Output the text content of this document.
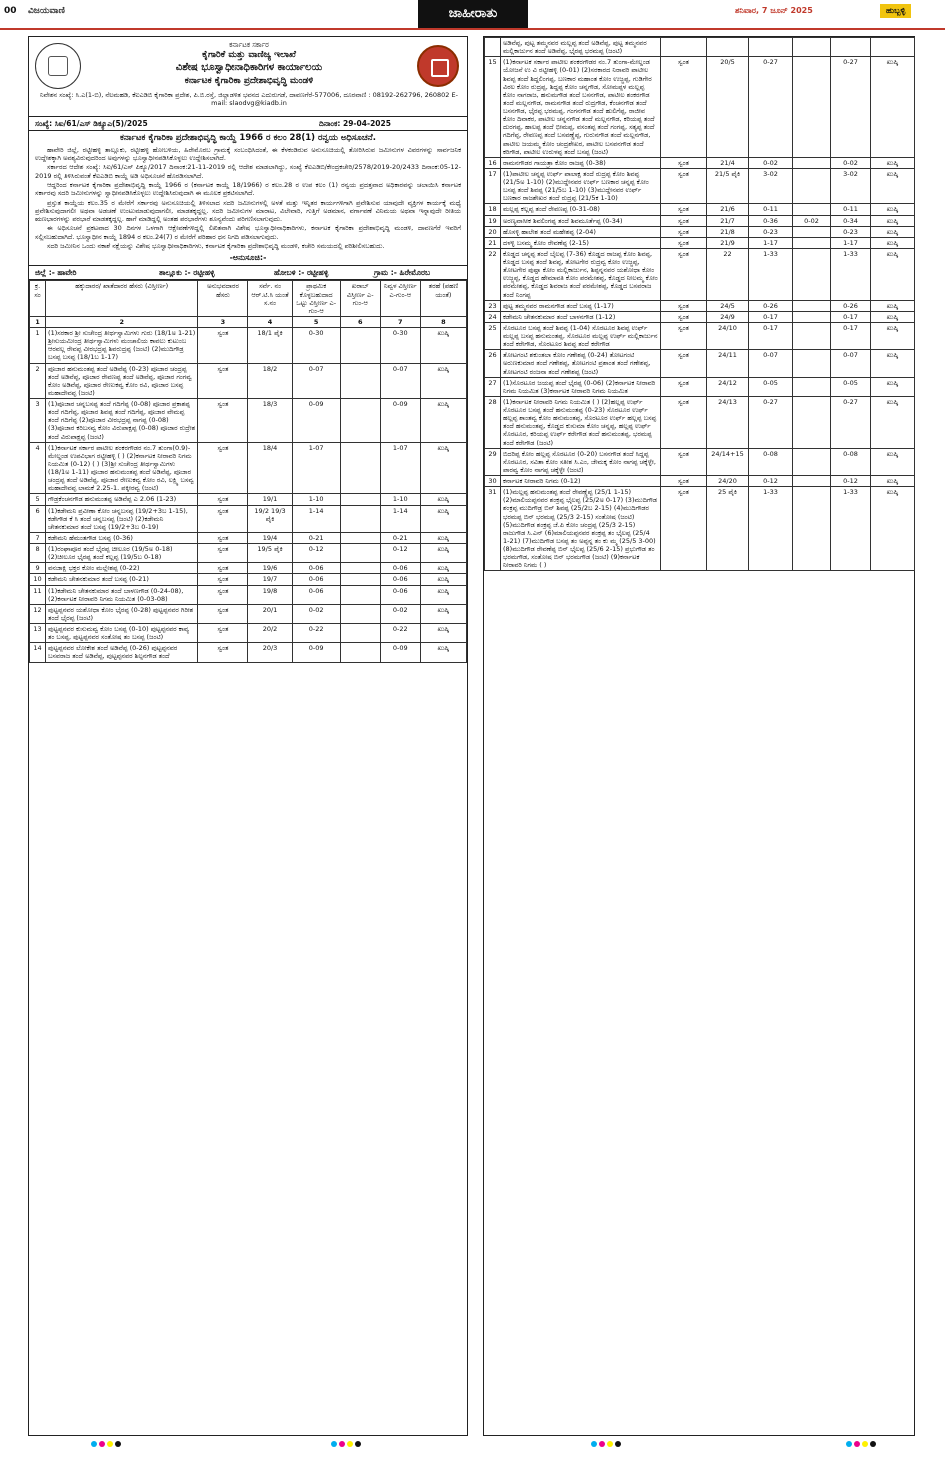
00 ವಿಜಯವಾಣಿ	ಜಾಹೀರಾತು	ಶನಿವಾರ, 7 ಜೂನ್ 2025	ಹುಬ್ಬಳ್ಳಿ
ಕರ್ನಾಟಕ ಸರ್ಕಾರ
ಕೈಗಾರಿಕೆ ಮತ್ತು ವಾಣಿಜ್ಯ ಇಲಾಖೆ
ವಿಶೇಷ ಭೂಸ್ವಾಧೀನಾಧಿಕಾರಿಗಳ ಕಾರ್ಯಾಲಯ
ಕರ್ನಾಟಕ ಕೈಗಾರಿಕಾ ಪ್ರದೇಶಾಭಿವೃದ್ಧಿ ಮಂಡಳಿ
ನಿವೇಶನ ಸಂಖ್ಯೆ: ಸಿ.ಎ(1-ಬಿ), ನೆಲಮಹಡಿ, ಕೆಐಎಡಿಬಿ ಕೈಗಾರಿಕಾ ಪ್ರದೇಶ, ಪಿ.ಬಿ.ರಸ್ತೆ, ಜಿಲ್ಲಾಡಳಿತ ಭವನದ ಎದುರುಗಡೆ, ದಾವಣಗೆರೆ-577006, ದೂರವಾಣಿ : 08192-262796, 260802 E-mail: slaodvg@kiadb.in
ಸಂಖ್ಯೆ: ಸಿಐ/61/ಎಸ್ ಡಿಕ್ಯೂಎ(5)/2025	ದಿನಾಂಕ: 29-04-2025
ಕರ್ನಾಟಕ ಕೈಗಾರಿಕಾ ಪ್ರದೇಶಾಭಿವೃದ್ಧಿ ಕಾಯ್ದೆ 1966 ರ ಕಲಂ 28(1) ರನ್ವಯ ಅಧಿಸೂಚನೆ.

ಹಾವೇರಿ ಜಿಲ್ಲೆ, ರಟ್ಟೀಹಳ್ಳಿ ತಾಲ್ಲೂಕು, ರಟ್ಟೀಹಳ್ಳಿ ಹೋಬಳಿಯ, ಹಿರೇಮೊರಬ ಗ್ರಾಮಕ್ಕೆ ಸಂಬಂಧಿಸಿದಂತೆ, ಈ ಕೆಳಕಂಡಿರುವ ಅನುಸೂಚಿಯಲ್ಲಿ ತೋರಿಸಿರುವ ಜಮೀನುಗಳ ವಿವರಗಳನ್ನು ಸಾರ್ವಜನಿಕ ಉದ್ದೇಶಕ್ಕಾಗಿ ಅವಶ್ಯವಿರುವುದರಿಂದ ಅವುಗಳನ್ನು ಭೂಸ್ವಾಧೀನಪಡಿಸಿಕೊಳ್ಳಲು ಉದ್ದೇಶಿಸಲಾಗಿದೆ.

ಸರ್ಕಾರದ ಆದೇಶ ಸಂಖ್ಯೆ: ಸಿಐ/61/ಎಸ್ ಪಿಕ್ಯೂ/2017 ದಿನಾಂಕ:21-11-2019 ರಲ್ಲಿ ಆದೇಶ ಮಾಡಲಾಗಿದ್ದು, ಸಂಖ್ಯೆ ಕೆಐಎಡಿಬಿ/ಕೇಂದ್ರಕಚೇರಿ/2578/2019-20/2433 ದಿನಾಂಕ:05-12-2019 ರಲ್ಲಿ ತಿಳಿಸಿರುವಂತೆ ಕೆಐಎಡಿಬಿ ಕಾಯ್ದೆ ಅಡಿ ಅಧಿಸೂಚನೆ ಹೊರಡಿಸಲಾಗಿದೆ.

ಆದ್ದರಿಂದ ಕರ್ನಾಟಕ ಕೈಗಾರಿಕಾ ಪ್ರದೇಶಾಭಿವೃದ್ಧಿ ಕಾಯ್ದೆ 1966 ರ (ಕರ್ನಾಟಕ ಕಾಯ್ದೆ 18/1966) ರ ಕಲಂ.28 ರ ಉಪ ಕಲಂ (1) ರನ್ವಯ ಪ್ರದತ್ತವಾದ ಅಧಿಕಾರವನ್ನು ಚಲಾಯಿಸಿ ಕರ್ನಾಟಕ ಸರ್ಕಾರವು ಸದರಿ ಜಮೀನುಗಳನ್ನು ಸ್ವಾಧೀನಪಡಿಸಿಕೊಳ್ಳಲು ಉದ್ದೇಶಿಸಿರುವುದಾಗಿ ಈ ಮೂಲಕ ಪ್ರಕಟಿಸಲಾಗಿದೆ.

ಪ್ರಸ್ತುತ ಕಾಯ್ದೆಯ ಕಲಂ.35 ರ ಮೇರೆಗೆ ಸರ್ಕಾರವು ಅನುಸೂಚಿಯಲ್ಲಿ ತಿಳಿಸಲಾದ ಸದರಿ ಜಮೀನುಗಳಲ್ಲಿ ಅಳತೆ ಮತ್ತು ಇನ್ನಿತರ ಕಾರ್ಯಗಳಿಗಾಗಿ ಪ್ರವೇಶಿಸುವ ಯಾವುದೇ ವ್ಯಕ್ತಿಗಳ ಕಾರ್ಯಕ್ಕೆ ಮಧ್ಯೆ ಪ್ರವೇಶಿಸುವುದಾಗಲೀ ಅಥವಾ ಅಡಚಣೆ ಉಂಟುಮಾಡುವುದಾಗಲೀ, ಮಾಡತಕ್ಕದ್ದಲ್ಲ. ಸದರಿ ಜಮೀನುಗಳ ಮಾರಾಟ, ವಿಲೇವಾರಿ, ಗುತ್ತಿಗೆ ಅಡಮಾನ, ವರ್ಗಾವಣೆ ವಿನಿಮಯ ಅಥವಾ ಇನ್ನಾವುದೇ ರೀತಿಯ ಋಣಭಾರಗಳನ್ನು ಪರಭಾರೆ ಮಾಡತಕ್ಕದ್ದಲ್ಲ. ಹಾಗೆ ಮಾಡಿದ್ದಲ್ಲಿ ಅಂತಹ ಪರಭಾರೆಗಳು ಶೂನ್ಯವೆಂದು ಪರಿಗಣಿಸಲಾಗುವುದು.

ಈ ಅಧಿಸೂಚನೆ ಪ್ರಕಟವಾದ 30 ದಿನಗಳ ಒಳಗಾಗಿ ಆಕ್ಷೇಪಣೆಗಳಿದ್ದಲ್ಲಿ ಲಿಖಿತವಾಗಿ ವಿಶೇಷ ಭೂಸ್ವಾಧೀನಾಧಿಕಾರಿಗಳು, ಕರ್ನಾಟಕ ಕೈಗಾರಿಕಾ ಪ್ರದೇಶಾಭಿವೃದ್ಧಿ ಮಂಡಳಿ, ದಾವಣಗೆರೆ ಇವರಿಗೆ ಸಲ್ಲಿಸಬಹುದಾಗಿದೆ. ಭೂಸ್ವಾಧೀನ ಕಾಯ್ದೆ 1894 ರ ಕಲಂ.24(7) ರ ಮೇರೆಗೆ ಪರಿಹಾರ ಧನ ನಿಗದಿ ಪಡಿಸಲಾಗುವುದು.

ಸದರಿ ಜಮೀನಿನ ಒಂದು ನಕಾಶೆ ನಕ್ಷೆಯನ್ನು ವಿಶೇಷ ಭೂಸ್ವಾಧೀನಾಧಿಕಾರಿಗಳು, ಕರ್ನಾಟಕ ಕೈಗಾರಿಕಾ ಪ್ರದೇಶಾಭಿವೃದ್ಧಿ ಮಂಡಳಿ, ಕಚೇರಿ ಸಮಯದಲ್ಲಿ ಪರಿಶೀಲಿಸಬಹುದು.

-ಅನುಸೂಚಿ:-
ಜಿಲ್ಲೆ :- ಹಾವೇರಿ	ತಾಲ್ಲೂಕು :- ರಟ್ಟೀಹಳ್ಳಿ	ಹೋಬಳಿ :- ರಟ್ಟೀಹಳ್ಳಿ	ಗ್ರಾಮ :- ಹಿರೇಮೊರಬ
ಕ್ರ. ಸಂ	ಹಕ್ಕುದಾರರ/ ಖಾತೆದಾರರ ಹೆಸರು (ವಿಸ್ತೀರ್ಣ)	ಅನುಭವದಾರರ ಹೆಸರು	ಸರ್ವೆ. ನಂ ಆರ್.ಟಿ.ಸಿ ಯಂತೆ ಸ.ನಂ	ಪ್ರಾಥಮಿಕ ಕೊಳ್ಳಬಹುದಾದ ಒಟ್ಟು ವಿಸ್ತೀರ್ಣ ಎ-ಗುಂ-ಆ	ಖರಾಬ್ ವಿಸ್ತೀರ್ಣ ಎ-ಗುಂ-ಆ	ನಿವ್ವಳ ವಿಸ್ತೀರ್ಣ ಎ-ಗುಂ-ಆ	ತರಹೆ (ಪಹಣಿ ಯಂತೆ)
1	2	3	4	5	6	7	8
1	(1)ಸರಕಾರ ಶ್ರೀ ಸುಚೇಂದ್ರ ತೀರ್ಥಸ್ವಾಮಿಗಳು ಗುರು (18/1ಅ 1-21) ಶ್ರೀಸುಯಮೀಂದ್ರ ತೀರ್ಥಸ್ವಾಮಿಗಳು ಮಂಚಾಲಿಯ ಕಾವಲು ಕುಟುಂಬ ಆರವಲ್ಲ ರೇವಪ್ಪ ವೀರಭದ್ರಪ್ಪ ಶಿವರುದ್ರಪ್ಪ (ಜಂಟಿ) (2)ಮುದಿಗೌಡ್ರ ಬಸಪ್ಪ ಬಸಪ್ಪ (18/1ಬ 1-17)	ಸ್ವಂತ	18/1 ಪೈಕಿ	0-30		0-30	ಖುಷ್ಕಿ
2	ಪೂಜಾರ ಹನುಮಂತಪ್ಪ ತಂದೆ ಅಡಿವೆಪ್ಪ (0-23) ಪೂಜಾರ ಚಂದ್ರಪ್ಪ ತಂದೆ ಅಡಿವೆಪ್ಪ, ಪೂಜಾರ ರೇವಣಪ್ಪ ತಂದೆ ಅಡಿವೆಪ್ಪ, ಪೂಜಾರ ಗಂಗವ್ವ ಕೋಂ ಅಡಿವೆಪ್ಪ, ಪೂಜಾರ ರೇಣುಕವ್ವ ಕೋಂ ರವಿ, ಪೂಜಾರ ಬಸಪ್ಪ ಮಹಾದೇವಪ್ಪ (ಜಂಟಿ)	ಸ್ವಂತ	18/2	0-07		0-07	ಖುಷ್ಕಿ
3	(1)ಪೂಜಾರ ಚನ್ನಬಸಪ್ಪ ತಂದೆ ಗದಿಗೆಪ್ಪ (0-08) ಪೂಜಾರ ಪ್ರಕಾಶಪ್ಪ ತಂದೆ ಗದಿಗೆಪ್ಪ, ಪೂಜಾರ ಶಿವಪ್ಪ ತಂದೆ ಗದಿಗೆಪ್ಪ, ಪೂಜಾರ ವೇಮಪ್ಪ ತಂದೆ ಗದಿಗೆಪ್ಪ (2)ಪೂಜಾರ ವೀರಭದ್ರಪ್ಪ ನಾಗಪ್ಪ (0-08) (3)ಪೂಜಾರ ಕರಿಬಸವ್ವ ಕೋಂ ವಿರುಪಾಕ್ಷಪ್ಪ (0-08) ಪೂಜಾರ ರುದ್ರೇಶ ತಂದೆ ವಿರುಪಾಕ್ಷಪ್ಪ (ಜಂಟಿ)	ಸ್ವಂತ	18/3	0-09		0-09	ಖುಷ್ಕಿ
4	(1)ಕರ್ನಾಟಕ ಸರ್ಕಾರ ಪಾಟೀಲ ಶಂಕರಗೌಡರ ನಂ.7 ತುಂಗಾ(0.9)-ಮೇಲ್ದಂಡ ಉಪವಿಭಾಗ ರಟ್ಟೀಹಳ್ಳಿ ( ) (2)ಕರ್ನಾಟಕ ನೀರಾವರಿ ನಿಗಮ ನಿಯಮಿತ (0-12) ( ) (3)ಶ್ರೀ ಸುಚೇಂದ್ರ ತೀರ್ಥಸ್ವಾಮಿಗಳು (18/1ಅ 1-11) ಪೂಜಾರ ಹನುಮಂತಪ್ಪ ತಂದೆ ಅಡಿವೆಪ್ಪ, ಪೂಜಾರ ಚಂದ್ರಪ್ಪ ತಂದೆ ಅಡಿವೆಪ್ಪ, ಪೂಜಾರ ರೇಣುಕವ್ವ ಕೋಂ ರವಿ, ಲಕ್ಷ್ಮಿ ಬಸವ್ವ ಮಹಾದೇವಪ್ಪ ಲಾಮಕೆ 2.25-1. ಪಕ್ಕೀರವ್ವ (ಜಂಟಿ)	ಸ್ವಂತ	18/4	1-07		1-07	ಖುಷ್ಕಿ
5	ಗೌಡ್ರಕೆಂಚನಗೌಡ ಹನುಮಂತಪ್ಪ ಅಡಿವೆಪ್ಪ ಎ 2.06 (1-23)	ಸ್ವಂತ	19/1	1-10		1-10	ಖುಷ್ಕಿ
6	(1)ಕಡೇಮನಿ ಪ್ರವೀಣಾ ಕೋಂ ಚನ್ನಬಸಪ್ಪ (19/2+3ಬ 1-15), ಕಡೇಗೌಡ ಕೆ ಸಿ ತಂದೆ ಚನ್ನಬಸಪ್ಪ (ಜಂಟಿ) (2)ಕಡೇಮನಿ ಚೇತನಕುಮಾರ ತಂದೆ ಬಸಪ್ಪ (19/2+3ಬ 0-19)	ಸ್ವಂತ	19/2 19/3 ಪೈಕಿ	1-14		1-14	ಖುಷ್ಕಿ
7	ಕಡೇಮನಿ ಹೆಮಂತಗೌಡ ಬಸಪ್ಪ (0-36)	ಸ್ವಂತ	19/4	0-21		0-21	ಖುಷ್ಕಿ
8	(1)ರಂಘಾಪೂರ ತಂದೆ ಭೈರಪ್ಪ ಚೀಲೂರ (19/5ಅ 0-18) (2)ಚೀಲೂರ ಭೈರಪ್ಪ ತಂದೆ ಕಲ್ಲಪ್ಪ (19/5ಬ 0-18)	ಸ್ವಂತ	19/5 ಪೈಕಿ	0-12		0-12	ಖುಷ್ಕಿ
9	ವನಜಾಕ್ಷಿ ಭಕ್ತರ ಕೋಂ ಮಲ್ಲೇಶಪ್ಪ (0-22)	ಸ್ವಂತ	19/6	0-06		0-06	ಖುಷ್ಕಿ
10	ಕಡೇಮನಿ ಚೇತನಕುಮಾರ ತಂದೆ ಬಸಪ್ಪ (0-21)	ಸ್ವಂತ	19/7	0-06		0-06	ಖುಷ್ಕಿ
11	(1)ಕಡೇಮನಿ ಚೇತನಕುಮಾರ ತಂದೆ ಬಾಳಣಗೌಡ (0-24-08), (2)ಕರ್ನಾಟಕ ನೀರಾವರಿ ನಿಗಮ ನಿಯಮಿತ (0-03-08)	ಸ್ವಂತ	19/8	0-06		0-06	ಖುಷ್ಕಿ
12	ಪುಟ್ಟಪ್ಪನವರ ಯಶೋಧಾ ಕೋಂ ಭೈರಪ್ಪ (0-28) ಪುಟ್ಟಪ್ಪನವರ ಗಿರೀಶ ತಂದೆ ಭೈರಪ್ಪ (ಜಂಟಿ)	ಸ್ವಂತ	20/1	0-02		0-02	ಖುಷ್ಕಿ
13	ಪುಟ್ಟಪ್ಪನವರ ಕುಸುಮವ್ವ ಕೋಂ ಬಸಪ್ಪ (0-10) ಪುಟ್ಟಪ್ಪನವರ ಕಾವ್ಯ ತಂ ಬಸಪ್ಪ, ಪುಟ್ಟಪ್ಪನವರ ಸಂತೋಷ ತಂ ಬಸಪ್ಪ (ಜಂಟಿ)	ಸ್ವಂತ	20/2	0-22		0-22	ಖುಷ್ಕಿ
14	ಪುಟ್ಟಪ್ಪನವರ ಲೋಕೇಶ ತಂದೆ ಅಡಿವೆಪ್ಪ (0-26) ಪುಟ್ಟಪ್ಪನವರ ಬಸವರಾಜ ತಂದೆ ಅಡಿವೆಪ್ಪ, ಪುಟ್ಟಪ್ಪನವರ ಶಿಲ್ಪನಗೌಡ ತಂದೆ	ಸ್ವಂತ	20/3	0-09		0-09	ಖುಷ್ಕಿ
	ಅಡಿವೆಪ್ಪ, ಪುಟ್ಟ ತಮ್ಮನವರ ಮಲ್ಲಪ್ಪ ತಂದೆ ಅಡಿವೆಪ್ಪ, ಪುಟ್ಟ ತಮ್ಮನವರ ಮಲ್ಲಿಕಾರ್ಜುನ ತಂದೆ ಅಡಿವೆಪ್ಪ, ಭೈರಪ್ಪ ಭರಮಪ್ಪ (ಜಂಟಿ)						
15	(1)ಕರ್ನಾಟಕ ಸರ್ಕಾರ ಪಾಟೀಲ ಶಂಕರಗೌಡರ ನಂ.7 ತುಂಗಾ-ಮೇಲ್ದಂಡ ಯೋಜನೆ ಉ ವಿ ರಟ್ಟೀಹಳ್ಳಿ (0-01) (2)ಸರಕಾರದ ನಿರಾವರಿ ಪಾಟೀಲ ಶಿವಪ್ಪ ತಂದೆ ಶಿದ್ದಲಿಂಗಪ್ಪ, ಬಣಕಾರ ಮಹಾಂತ ಕೋಂ ಉಜ್ಜಪ್ಪ, ಗುಡಿಗೇರ ವಿಠಲ ಕೋಂ ರುದ್ರಪ್ಪ, ಶಿದ್ದಪ್ಪ ಕೋಂ ಚನ್ನಗೌಡ, ಸೋಮಪ್ಪಳ ಮಲ್ಲಪ್ಪ ಕೋಂ ನಾಗರಾಜ, ಹನುಮಗೌಡ ತಂದೆ ಬಸನಗೌಡ, ಪಾಟೀಲ ಶಂಕರಗೌಡ ತಂದೆ ಮಲ್ಲನಗೌಡ, ರಾಮನಗೌಡ ತಂದೆ ರುದ್ರಗೌಡ, ಕೆಂಚನಗೌಡ ತಂದೆ ಬಸನಗೌಡ, ಭೈರಪ್ಪ ಭರಮಪ್ಪ, ಗಂಗನಗೌಡ ತಂದೆ ಹುಲಿಗೆಪ್ಪ, ರಾಜೀವ ಕೋಂ ದಿವಾಕರ, ಪಾಟೀಲ ಚನ್ನನಗೌಡ ತಂದೆ ಮಲ್ಲನಗೌಡ, ಕರಿಯಪ್ಪ ತಂದೆ ದುರಗಪ್ಪ, ಹಾಲಪ್ಪ ತಂದೆ ಭೀಮಪ್ಪ, ವಸಂತಪ್ಪ ತಂದೆ ಗಂಗಪ್ಪ, ಸತ್ಯಪ್ಪ ತಂದೆ ಗದಿಗೆಪ್ಪ, ರೇವಣಪ್ಪ ತಂದೆ ಬಸವಣ್ಣೆಪ್ಪ, ಗುರುನಗೌಡ ತಂದೆ ಮಲ್ಲನಗೌಡ, ಪಾಟೀಲ ಜಯಮ್ಮ ಕೋಂ ಚಂದ್ರಶೇಖರ, ಪಾಟೀಲ ಬಸವನಗೌಡ ತಂದೆ ಕರಿಗೌಡ, ಪಾಟೀಲ ಉರುಳಪ್ಪ ತಂದೆ ಬಸಪ್ಪ (ಜಂಟಿ)	ಸ್ವಂತ	20/5	0-27		0-27	ಖುಷ್ಕಿ
16	ರಾಮನಗೌಡರ ಗಾಯತ್ರಾ ಕೋಂ ರಾಜಪ್ಪ (0-38)	ಸ್ವಂತ	21/4	0-02		0-02	ಖುಷ್ಕಿ
17	(1)ಪಾಟೀಲ ಚನ್ನಪ್ಪ ಉರ್ಫ್ ಪಾಲಾಕ್ಷ ತಂದೆ ರುದ್ರಪ್ಪ ಕೋಂ ಶಿವಪ್ಪ (21/5ಅ 1-10) (2)ಮುದ್ದೇನವರ ಉರ್ಫ್ ಬಣಕಾರ ಚನ್ನಪ್ಪ ಕೋಂ ಬಸಪ್ಪ ತಂದೆ ಶಿವಪ್ಪ (21/5ಬ 1-10) (3)ಮುದ್ದೇನವರ ಉರ್ಫ್ ಬಣಕಾರ ರಾಜಶೇಖರ ತಂದೆ ರುದ್ರಪ್ಪ (21/5ಕ 1-10)	ಸ್ವಂತ	21/5 ಪೈಕಿ	3-02		3-02	ಖುಷ್ಕಿ
18	ಮಲ್ಲಪ್ಪ ಕಲ್ಲಪ್ಪ ತಂದೆ ರೇವಣಪ್ಪ (0-31-08)	ಸ್ವಂತ	21/6	0-11		0-11	ಖುಷ್ಕಿ
19	ಅರಣ್ಯವಾಸೀಕ ಶಿವಲಿಂಗಪ್ಪ ತಂದೆ ಶಿವಮೂರ್ತೆಪ್ಪ (0-34)	ಸ್ವಂತ	21/7	0-36	0-02	0-34	ಖುಷ್ಕಿ
20	ಹೊಸಳ್ಳಿ ಹಾಲೇಶ ತಂದೆ ಮಹೇಶಪ್ಪ (2-04)	ಸ್ವಂತ	21/8	0-23		0-23	ಖುಷ್ಕಿ
21	ದಳಳ್ಳಿ ಬಸಮ್ಮ ಕೋಂ ರೇವಣೆಪ್ಪ (2-15)	ಸ್ವಂತ	21/9	1-17		1-17	ಖುಷ್ಕಿ
22	ಕೊಡ್ಡದ ಚನ್ನಪ್ಪ ತಂದೆ ಬೈಲಪ್ಪ (7-36) ಕೊಡ್ಡದ ರಾಜಪ್ಪ ಕೋಂ ಶಿವಪ್ಪ, ಕೊಡ್ಡದ ಬಸಪ್ಪ ತಂದೆ ಶಿವಪ್ಪ, ತೋಟಗೇರ ರುದ್ರವ್ವ ಕೋಂ ಉಜ್ಜಪ್ಪ, ತೋಟಗೇರ ಪುಷ್ಪಾ ಕೋಂ ಮಲ್ಲಿಕಾರ್ಜುನ, ಶಿಪ್ಪನ್ನನವರ ಯಶೋಧಾ ಕೋಂ ಉಜ್ಜಪ್ಪ, ಕೊಡ್ಡದ ಹೇಮಾವತಿ ಕೋಂ ಪರಮೇಶಪ್ಪ, ಕೊಡ್ಡದ ನೀಲಮ್ಮ ಕೋಂ ಪರಮೇಶಪ್ಪ, ಕೊಡ್ಡದ ಶಿವರಾಜ ತಂದೆ ಪರಮೇಶಪ್ಪ, ಕೊಡ್ಡದ ಬಸವರಾಜ ತಂದೆ ನಿಂಗಪ್ಪ	ಸ್ವಂತ	22	1-33		1-33	ಖುಷ್ಕಿ
23	ಪುಟ್ಟ ತಮ್ಮನವರ ರಾಮನಗೌಡ ತಂದೆ ಬಸಪ್ಪ (1-17)	ಸ್ವಂತ	24/5	0-26		0-26	ಖುಷ್ಕಿ
24	ಕಡೇಮನಿ ಚೇತನಕುಮಾರ ತಂದೆ ಬಾಳನಗೌಡ (1-12)	ಸ್ವಂತ	24/9	0-17		0-17	ಖುಷ್ಕಿ
25	ಸೊರಟೂರ ಬಸಪ್ಪ ತಂದೆ ಶಿವಪ್ಪ (1-04) ಸೊರಟೂರ ಶಿವಪ್ಪ ಉರ್ಫ್ ಮಲ್ಲಪ್ಪ ಬಸಪ್ಪ ಹನುಮಂತಪ್ಪ, ಸೊರಟೂರ ಮಲ್ಲಪ್ಪ ಉರ್ಫ್ ಮಲ್ಲಿಕಾರ್ಜುನ ತಂದೆ ಕರೇಗೌಡ, ಸೊರಟೂರ ಶಿವಪ್ಪ ತಂದೆ ಕರೇಗೌಡ	ಸ್ವಂತ	24/10	0-17		0-17	ಖುಷ್ಕಿ
26	ತೋಟಗಂಟಿ ಶಕುಂತಲಾ ಕೋಂ ಗಣೇಶಪ್ಪ (0-24) ತೋಟಗಂಟಿ ಅರುಣಕುಮಾರ ತಂದೆ ಗಣೇಶಪ್ಪ, ತೋಟಗಂಟಿ ಪ್ರಶಾಂತ ತಂದೆ ಗಣೇಶಪ್ಪ, ತೋಟಗಂಟಿ ರಂಜನಾ ತಂದೆ ಗಣೇಶಪ್ಪ (ಜಂಟಿ)	ಸ್ವಂತ	24/11	0-07		0-07	ಖುಷ್ಕಿ
27	(1)ಸೊರಟೂರ ಜಯಪ್ಪ ತಂದೆ ಭೈರಪ್ಪ (0-06) (2)ಕರ್ನಾಟಕ ನೀರಾವರಿ ನಿಗಮ ನಿಯಮಿತ (3)ಕರ್ನಾಟಕ ನೀರಾವರಿ ನಿಗಮ ನಿಯಮಿತ	ಸ್ವಂತ	24/12	0-05		0-05	ಖುಷ್ಕಿ
28	(1)ಕರ್ನಾಟಕ ನೀರಾವರಿ ನಿಗಮ ನಿಯಮಿತ ( ) (2)ಹಲ್ಲಪ್ಪ ಉರ್ಫ್ ಸೊರಟೂರ ಬಸಪ್ಪ ತಂದೆ ಹನುಮಂತಪ್ಪ (0-23) ಸೊರಟೂರ ಉರ್ಫ್ ಹಲ್ಲಪ್ಪ ಶಾಂತವ್ವ ಕೋಂ ಹನುಮಂತಪ್ಪ, ಸೊರಟೂರ ಉರ್ಫ್ ಹಲ್ಲಪ್ಪ ಬಸಪ್ಪ ತಂದೆ ಹನುಮಂತಪ್ಪ, ಕೊಡ್ಡದ ಕುಸುಮಾ ಕೋಂ ಚನ್ನಪ್ಪ, ಹಲ್ಲಪ್ಪ ಉರ್ಫ್ ಸೊರಟೂರ, ಕರಿಯಪ್ಪ ಉರ್ಫ್ ಕರೇಗೌಡ ತಂದೆ ಹನುಮಂತಪ್ಪ, ಭರಮಪ್ಪ ತಂದೆ ಕರೇಗೌಡ (ಜಂಟಿ)	ಸ್ವಂತ	24/13	0-27		0-27	ಖುಷ್ಕಿ
29	ಬಿದರಿಪ್ಪ ಕೋಂ ಹಲ್ಲಪ್ಪ ಸೊರಟೂರ (0-20) ಬಸನಗೌಡ ತಂದೆ ಸಿದ್ದಪ್ಪ ಸೊರಟೂರ, ಸವಿತಾ ಕೋಂ ಸತೀಶ ಸಿ.ಎಂ, ಜೇಮಕ್ಕ ಕೋಂ ನಾಗಪ್ಪ ಚಕ್ಕೆಳ್ಳೇ, ಪಾರವ್ವ ಕೋಂ ನಾಗಪ್ಪ ಚಕ್ಕೆಳ್ಳೇ (ಜಂಟಿ)	ಸ್ವಂತ	24/14+15	0-08		0-08	ಖುಷ್ಕಿ
30	ಕರ್ನಾಟಕ ನೀರಾವರಿ ನಿಗಮ (0-12)	ಸ್ವಂತ	24/20	0-12		0-12	ಖುಷ್ಕಿ
31	(1)ಮಲ್ಲಪ್ಪ ಹನುಮಂತಪ್ಪ ತಂದೆ ರೇವಣ್ಣೆಪ್ಪ (25/1 1-15) (2)ಮಾಲಿಯಪ್ಪನವರ ಶಂಕ್ರಪ್ಪ ಭೈಲಪ್ಪ (25/2ಅ 0-17) (3)ಮುದಿಗೌಡ ಶಂಕ್ರಪ್ಪ ಮುದಿಗೌಡ್ರ ಬಿನ್ ಶಿವಪ್ಪ (25/2ಬ 2-15) (4)ಮುದಿಗೌಡರ ಭರಮಪ್ಪ ಬಿನ್ ಭರಮಪ್ಪ (25/3 2-15) ಸಂತೋಷ (ಜಂಟಿ) (5)ಮುದಿಗೌಡ ಶಂಕ್ರಪ್ಪ ಜೆ.ಪಿ ಕೋಂ ಚಂದ್ರಪ್ಪ (25/3 2-15) ರಾಜುಗೌಡ ಸಿ.ಎನ್ (6)ಮಾಲಿಯಪ್ಪನವರ ಶಂಕ್ರಪ್ಪ ತಂ ಭೈಲಪ್ಪ (25/4 1-21) (7)ಮುದಿಗೌಡ ಬಸಪ್ಪ ತಂ ಅಪ್ಪನ್ನ ತಂ ಕು ಮ್ಮ (25/5 3-00) (8)ಮುದಿಗೌಡ ರೇವಣೆಪ್ಪ ಬಿನ್ ಭೈಲಪ್ಪ (25/6 2-15) ಪ್ರಭುಗೌಡ ತಂ ಭರಮಗೌಡ, ಸಂತೋಷ ಬಿನ್ ಭರಮಗೌಡ (ಜಂಟಿ) (9)ಕರ್ನಾಟಕ ನೀರಾವರಿ ನಿಗಮ ( )	ಸ್ವಂತ	25 ಪೈಕಿ	1-33		1-33	ಖುಷ್ಕಿ
